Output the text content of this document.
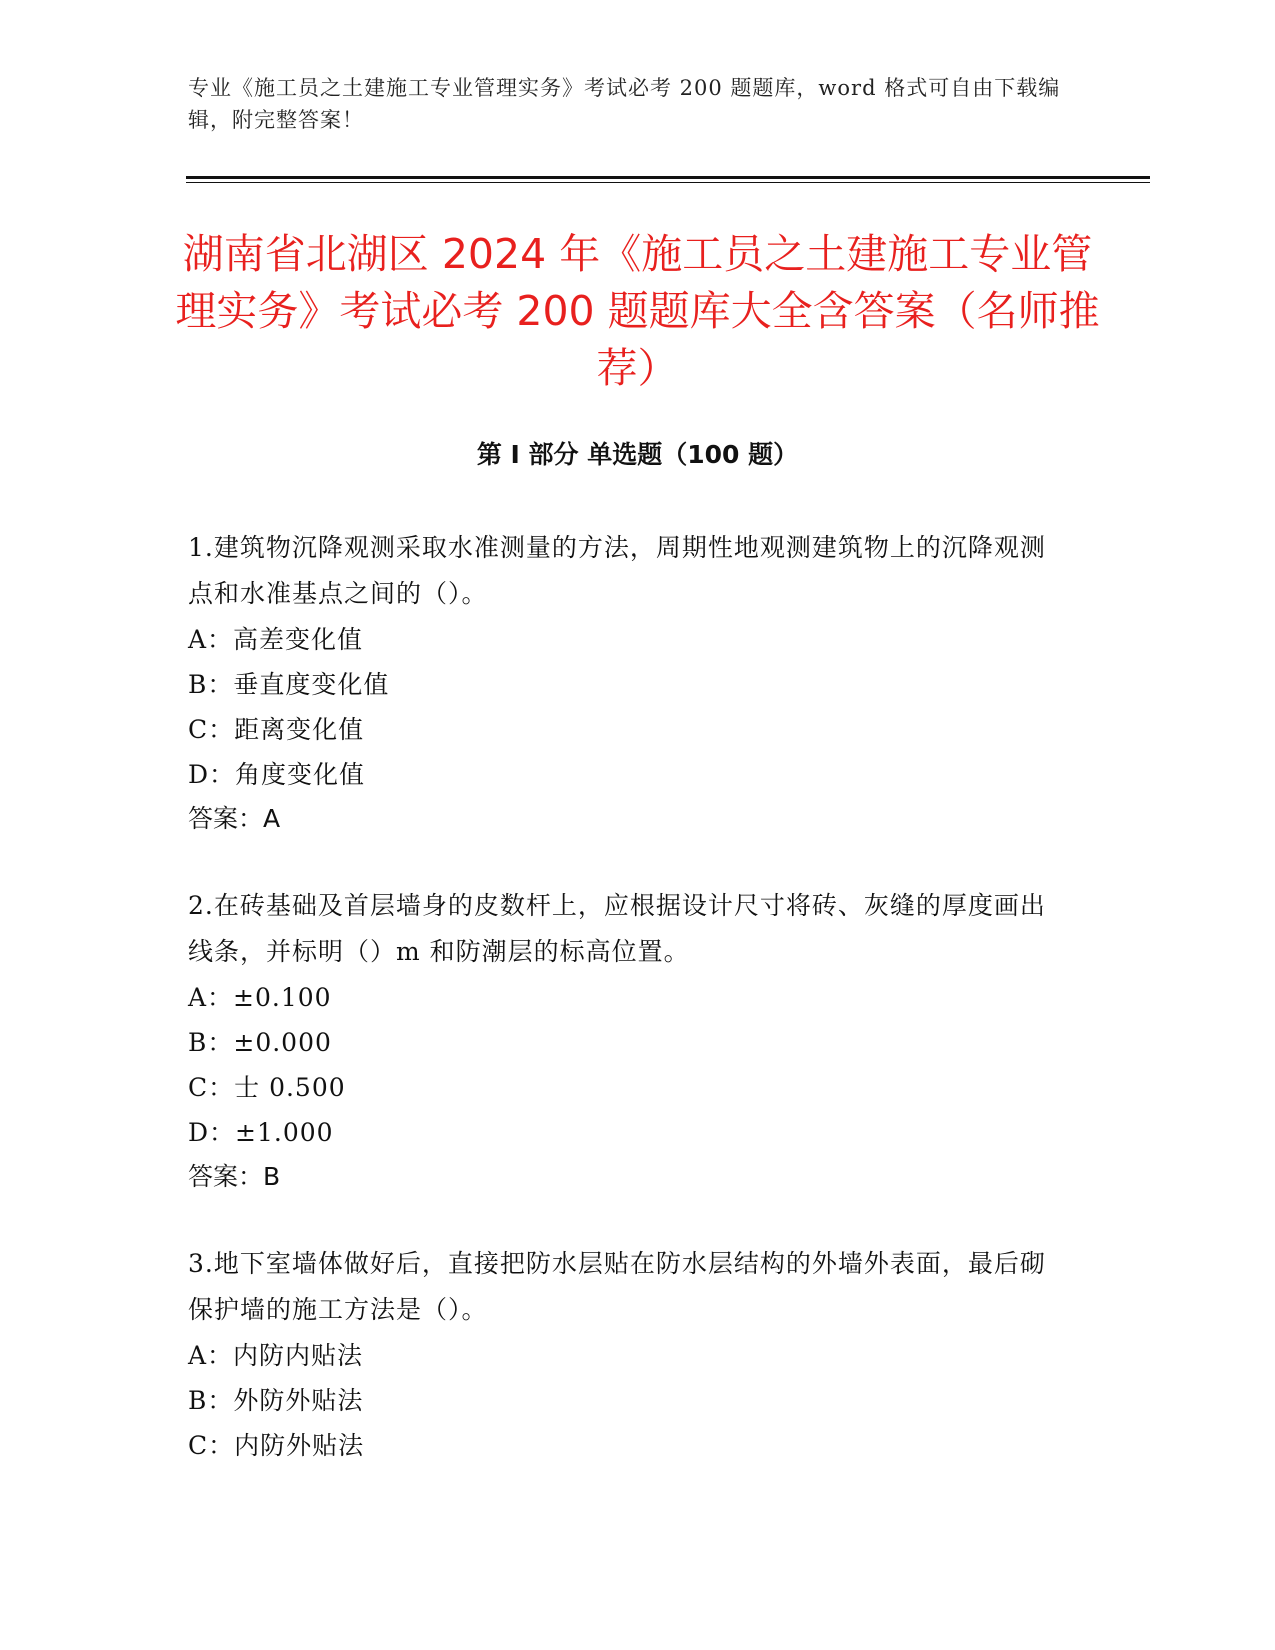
专业《施工员之土建施工专业管理实务》考试必考 200 题题库，word 格式可自由下载编辑，附完整答案！
湖南省北湖区 2024 年《施工员之土建施工专业管理实务》考试必考 200 题题库大全含答案（名师推荐）
第 I 部分 单选题（100 题）
1.建筑物沉降观测采取水准测量的方法，周期性地观测建筑物上的沉降观测点和水准基点之间的（）。
A：高差变化值
B：垂直度变化值
C：距离变化值
D：角度变化值
答案：A
2.在砖基础及首层墙身的皮数杆上，应根据设计尺寸将砖、灰缝的厚度画出线条，并标明（）m 和防潮层的标高位置。
A：±0.100
B：±0.000
C：士 0.500
D：±1.000
答案：B
3.地下室墙体做好后，直接把防水层贴在防水层结构的外墙外表面，最后砌保护墙的施工方法是（）。
A：内防内贴法
B：外防外贴法
C：内防外贴法
